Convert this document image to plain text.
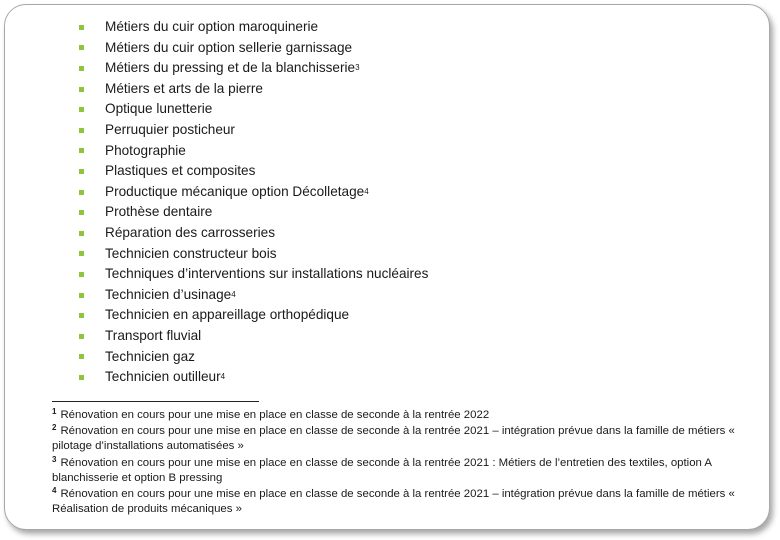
Métiers du cuir option maroquinerie
Métiers du cuir option sellerie garnissage
Métiers du pressing et de la blanchisserie 3
Métiers et arts de la pierre
Optique lunetterie
Perruquier posticheur
Photographie
Plastiques et composites
Productique mécanique option Décolletage 4
Prothèse dentaire
Réparation des carrosseries
Technicien constructeur bois
Techniques d’interventions sur installations nucléaires
Technicien d’usinage 4
Technicien en appareillage orthopédique
Transport fluvial
Technicien gaz
Technicien outilleur 4

$^1$ Rénovation en cours pour une mise en place en classe de seconde à la rentrée 2022

$^2$ Rénovation en cours pour une mise en place en classe de seconde à la rentrée 2021 – intégration prévue dans la famille de métiers « pilotage d’installations automatisées »

$^3$ Rénovation en cours pour une mise en place en classe de seconde à la rentrée 2021 : Métiers de l’entretien des textiles, option A blanchisserie et option B pressing

$^4$ Rénovation en cours pour une mise en place en classe de seconde à la rentrée 2021 – intégration prévue dans la famille de métiers « Réalisation de produits mécaniques »
